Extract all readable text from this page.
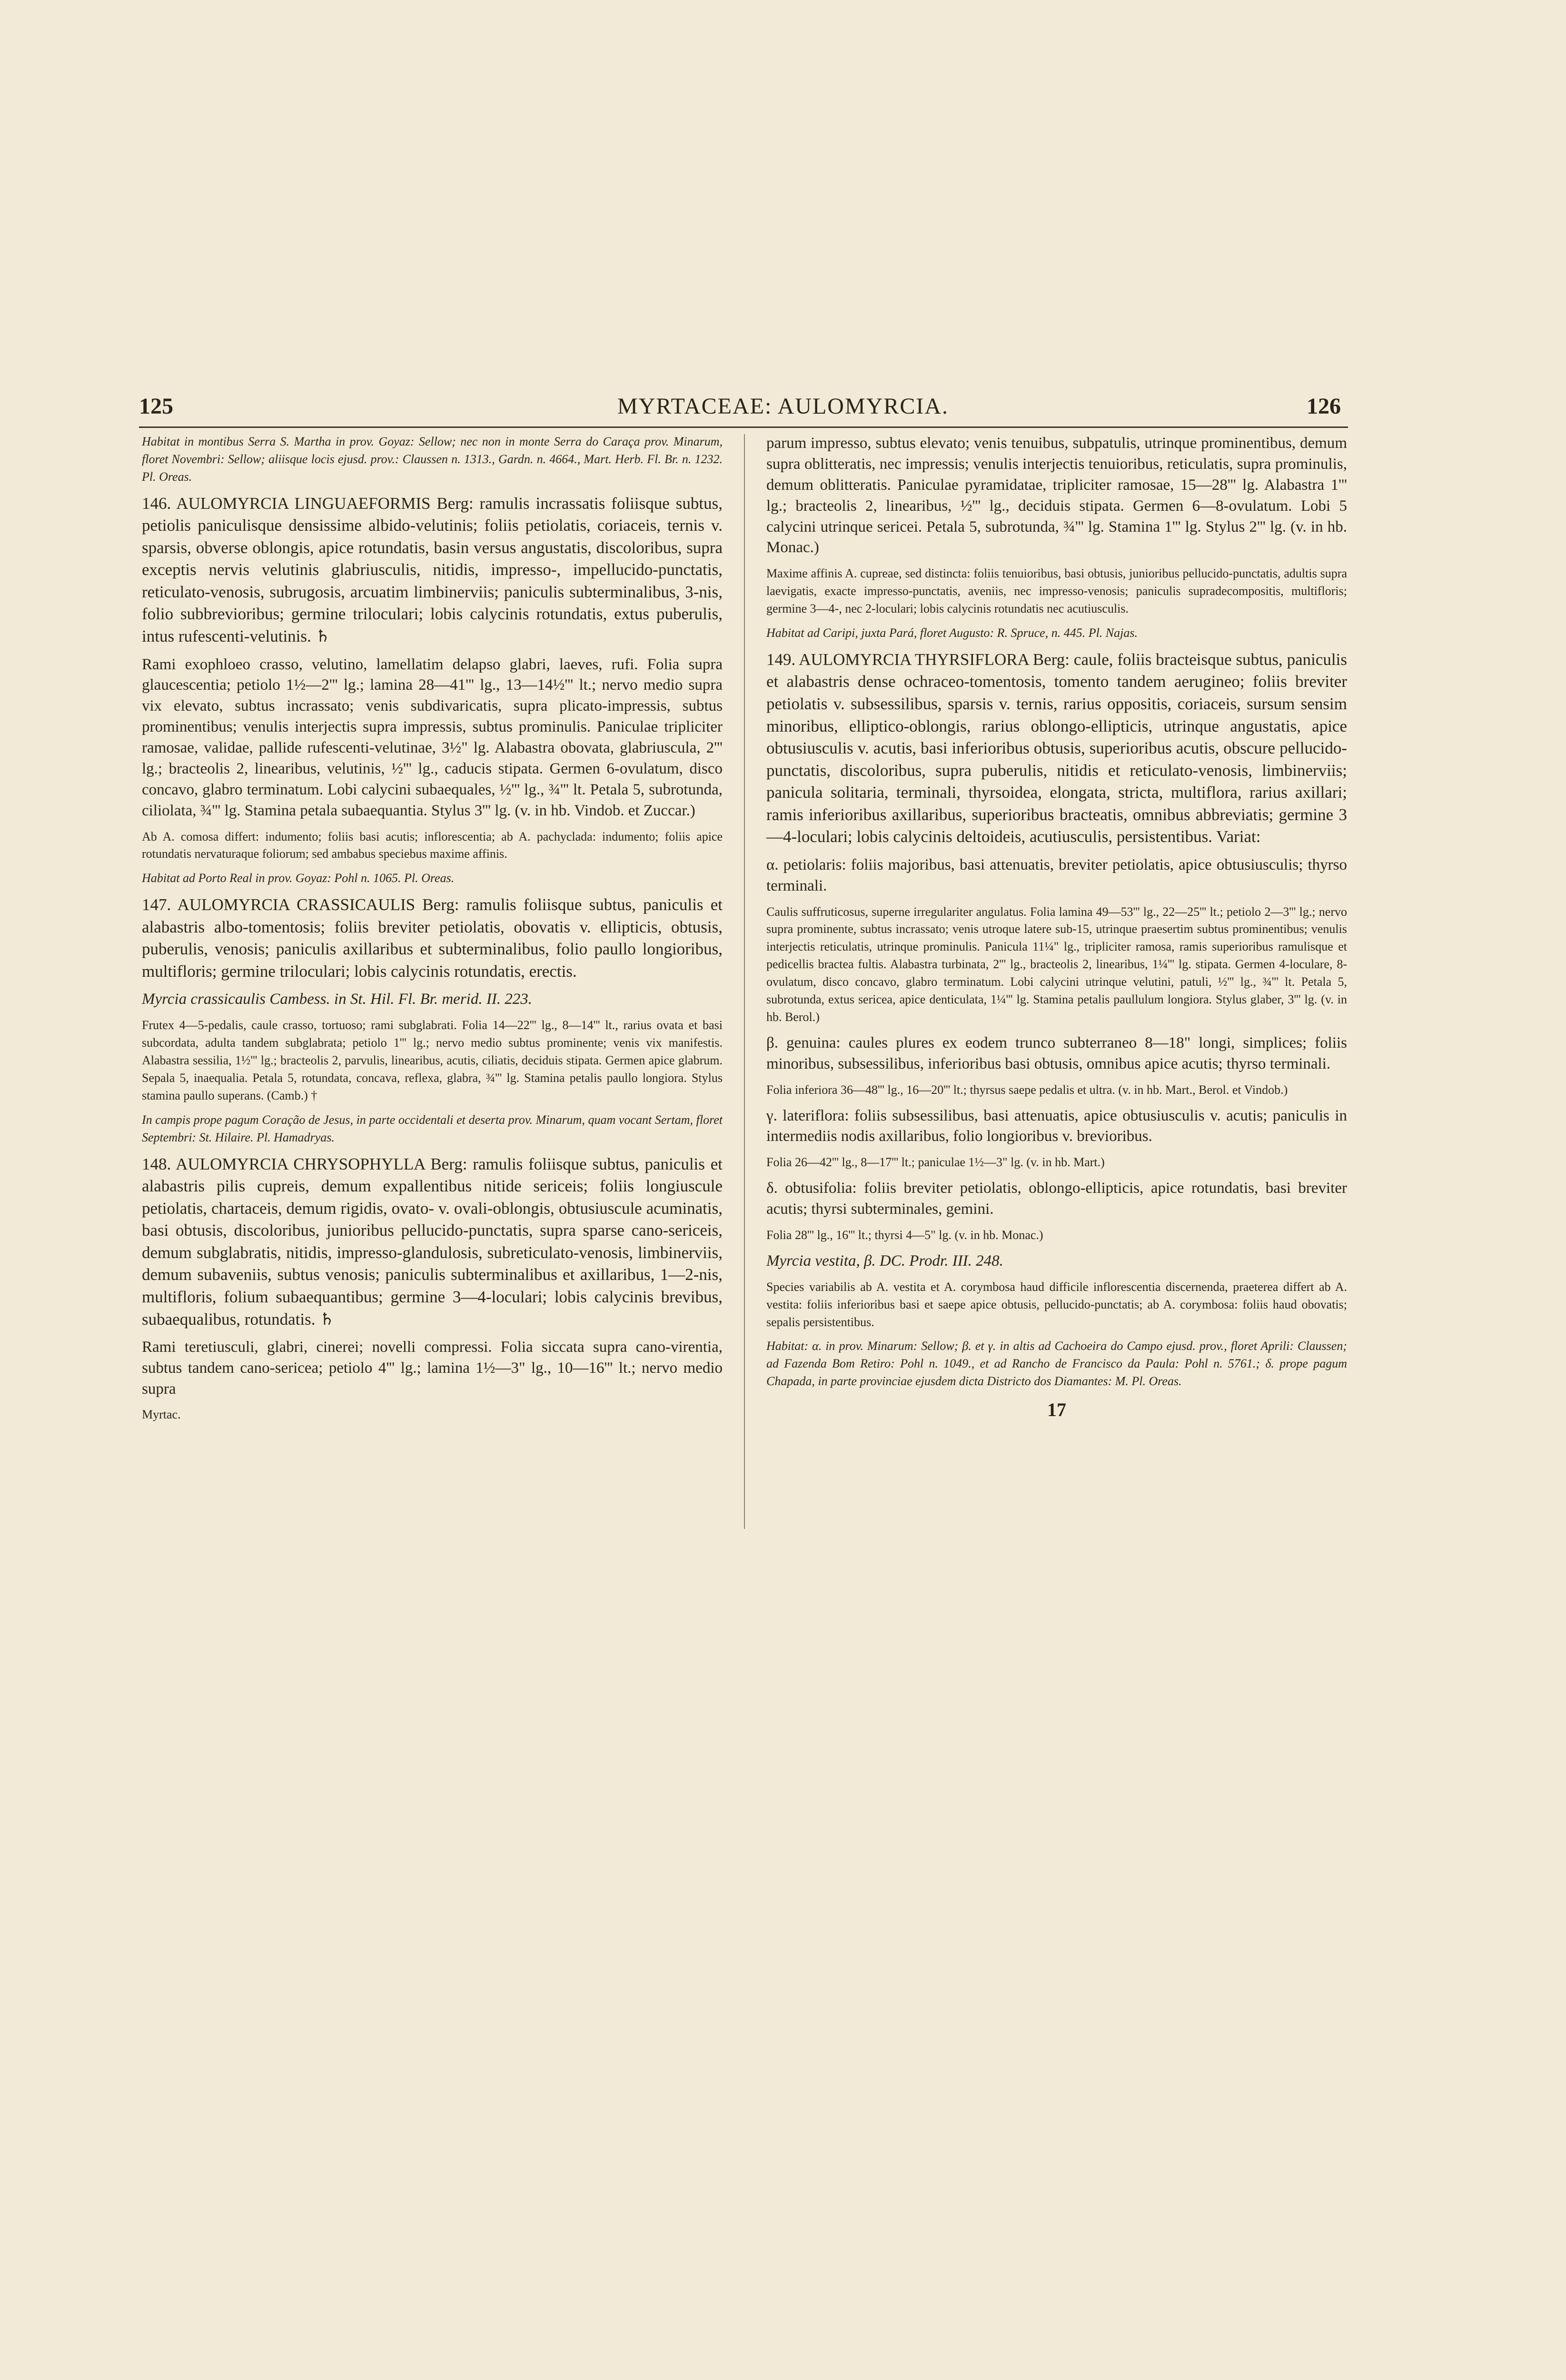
125	MYRTACEAE: AULOMYRCIA.	126

Habitat in montibus Serra S. Martha in prov. Goyaz: Sellow; nec non in monte Serra do Caraça prov. Minarum, floret Novembri: Sellow; aliisque locis ejusd. prov.: Claussen n. 1313., Gardn. n. 4664., Mart. Herb. Fl. Br. n. 1232. Pl. Oreas.

146. AULOMYRCIA LINGUAEFORMIS Berg: ramulis incrassatis foliisque subtus, petiolis paniculisque densissime albido-velutinis; foliis petiolatis, coriaceis, ternis v. sparsis, obverse oblongis, apice rotundatis, basin versus angustatis, discoloribus, supra exceptis nervis velutinis glabriusculis, nitidis, impresso-, impellucido-punctatis, reticulato-venosis, subrugosis, arcuatim limbinerviis; paniculis subterminalibus, 3-nis, folio subbrevioribus; germine triloculari; lobis calycinis rotundatis, extus puberulis, intus rufescenti-velutinis. ♄

Rami exophloeo crasso, velutino, lamellatim delapso glabri, laeves, rufi. Folia supra glaucescentia; petiolo 1½—2''' lg.; lamina 28—41''' lg., 13—14½''' lt.; nervo medio supra vix elevato, subtus incrassato; venis subdivaricatis, supra plicato-impressis, subtus prominentibus; venulis interjectis supra impressis, subtus prominulis. Paniculae tripliciter ramosae, validae, pallide rufescenti-velutinae, 3½" lg. Alabastra obovata, glabriuscula, 2''' lg.; bracteolis 2, linearibus, velutinis, ½''' lg., caducis stipata. Germen 6-ovulatum, disco concavo, glabro terminatum. Lobi calycini subaequales, ½''' lg., ¾''' lt. Petala 5, subrotunda, ciliolata, ¾''' lg. Stamina petala subaequantia. Stylus 3''' lg. (v. in hb. Vindob. et Zuccar.)

Ab A. comosa differt: indumento; foliis basi acutis; inflorescentia; ab A. pachyclada: indumento; foliis apice rotundatis nervaturaque foliorum; sed ambabus speciebus maxime affinis.

Habitat ad Porto Real in prov. Goyaz: Pohl n. 1065. Pl. Oreas.

147. AULOMYRCIA CRASSICAULIS Berg: ramulis foliisque subtus, paniculis et alabastris albo-tomentosis; foliis breviter petiolatis, obovatis v. ellipticis, obtusis, puberulis, venosis; paniculis axillaribus et subterminalibus, folio paullo longioribus, multifloris; germine triloculari; lobis calycinis rotundatis, erectis.

Myrcia crassicaulis Cambess. in St. Hil. Fl. Br. merid. II. 223.

Frutex 4—5-pedalis, caule crasso, tortuoso; rami subglabrati. Folia 14—22''' lg., 8—14''' lt., rarius ovata et basi subcordata, adulta tandem subglabrata; petiolo 1''' lg.; nervo medio subtus prominente; venis vix manifestis. Alabastra sessilia, 1½''' lg.; bracteolis 2, parvulis, linearibus, acutis, ciliatis, deciduis stipata. Germen apice glabrum. Sepala 5, inaequalia. Petala 5, rotundata, concava, reflexa, glabra, ¾''' lg. Stamina petalis paullo longiora. Stylus stamina paullo superans. (Camb.) †

In campis prope pagum Coração de Jesus, in parte occidentali et deserta prov. Minarum, quam vocant Sertam, floret Septembri: St. Hilaire. Pl. Hamadryas.

148. AULOMYRCIA CHRYSOPHYLLA Berg: ramulis foliisque subtus, paniculis et alabastris pilis cupreis, demum expallentibus nitide sericeis; foliis longiuscule petiolatis, chartaceis, demum rigidis, ovato- v. ovali-oblongis, obtusiuscule acuminatis, basi obtusis, discoloribus, junioribus pellucido-punctatis, supra sparse cano-sericeis, demum subglabratis, nitidis, impresso-glandulosis, subreticulato-venosis, limbinerviis, demum subaveniis, subtus venosis; paniculis subterminalibus et axillaribus, 1—2-nis, multifloris, folium subaequantibus; germine 3—4-loculari; lobis calycinis brevibus, subaequalibus, rotundatis. ♄

Rami teretiusculi, glabri, cinerei; novelli compressi. Folia siccata supra cano-virentia, subtus tandem cano-sericea; petiolo 4''' lg.; lamina 1½—3" lg., 10—16''' lt.; nervo medio supra

Myrtac.

parum impresso, subtus elevato; venis tenuibus, subpatulis, utrinque prominentibus, demum supra oblitteratis, nec impressis; venulis interjectis tenuioribus, reticulatis, supra prominulis, demum oblitteratis. Paniculae pyramidatae, tripliciter ramosae, 15—28''' lg. Alabastra 1''' lg.; bracteolis 2, linearibus, ½''' lg., deciduis stipata. Germen 6—8-ovulatum. Lobi 5 calycini utrinque sericei. Petala 5, subrotunda, ¾''' lg. Stamina 1''' lg. Stylus 2''' lg. (v. in hb. Monac.)

Maxime affinis A. cupreae, sed distincta: foliis tenuioribus, basi obtusis, junioribus pellucido-punctatis, adultis supra laevigatis, exacte impresso-punctatis, aveniis, nec impresso-venosis; paniculis supradecompositis, multifloris; germine 3—4-, nec 2-loculari; lobis calycinis rotundatis nec acutiusculis.

Habitat ad Caripi, juxta Pará, floret Augusto: R. Spruce, n. 445. Pl. Najas.

149. AULOMYRCIA THYRSIFLORA Berg: caule, foliis bracteisque subtus, paniculis et alabastris dense ochraceo-tomentosis, tomento tandem aerugineo; foliis breviter petiolatis v. subsessilibus, sparsis v. ternis, rarius oppositis, coriaceis, sursum sensim minoribus, elliptico-oblongis, rarius oblongo-ellipticis, utrinque angustatis, apice obtusiusculis v. acutis, basi inferioribus obtusis, superioribus acutis, obscure pellucido-punctatis, discoloribus, supra puberulis, nitidis et reticulato-venosis, limbinerviis; panicula solitaria, terminali, thyrsoidea, elongata, stricta, multiflora, rarius axillari; ramis inferioribus axillaribus, superioribus bracteatis, omnibus abbreviatis; germine 3—4-loculari; lobis calycinis deltoideis, acutiusculis, persistentibus. Variat:

α. petiolaris: foliis majoribus, basi attenuatis, breviter petiolatis, apice obtusiusculis; thyrso terminali.

Caulis suffruticosus, superne irregulariter angulatus. Folia lamina 49—53''' lg., 22—25''' lt.; petiolo 2—3''' lg.; nervo supra prominente, subtus incrassato; venis utroque latere sub-15, utrinque praesertim subtus prominentibus; venulis interjectis reticulatis, utrinque prominulis. Panicula 11¼" lg., tripliciter ramosa, ramis superioribus ramulisque et pedicellis bractea fultis. Alabastra turbinata, 2''' lg., bracteolis 2, linearibus, 1¼''' lg. stipata. Germen 4-loculare, 8-ovulatum, disco concavo, glabro terminatum. Lobi calycini utrinque velutini, patuli, ½''' lg., ¾''' lt. Petala 5, subrotunda, extus sericea, apice denticulata, 1¼''' lg. Stamina petalis paullulum longiora. Stylus glaber, 3''' lg. (v. in hb. Berol.)

β. genuina: caules plures ex eodem trunco subterraneo 8—18" longi, simplices; foliis minoribus, subsessilibus, inferioribus basi obtusis, omnibus apice acutis; thyrso terminali.

Folia inferiora 36—48''' lg., 16—20''' lt.; thyrsus saepe pedalis et ultra. (v. in hb. Mart., Berol. et Vindob.)

γ. lateriflora: foliis subsessilibus, basi attenuatis, apice obtusiusculis v. acutis; paniculis in intermediis nodis axillaribus, folio longioribus v. brevioribus.

Folia 26—42''' lg., 8—17''' lt.; paniculae 1½—3" lg. (v. in hb. Mart.)

δ. obtusifolia: foliis breviter petiolatis, oblongo-ellipticis, apice rotundatis, basi breviter acutis; thyrsi subterminales, gemini.

Folia 28''' lg., 16''' lt.; thyrsi 4—5" lg. (v. in hb. Monac.)

Myrcia vestita, β. DC. Prodr. III. 248.

Species variabilis ab A. vestita et A. corymbosa haud difficile inflorescentia discernenda, praeterea differt ab A. vestita: foliis inferioribus basi et saepe apice obtusis, pellucido-punctatis; ab A. corymbosa: foliis haud obovatis; sepalis persistentibus.

Habitat: α. in prov. Minarum: Sellow; β. et γ. in altis ad Cachoeira do Campo ejusd. prov., floret Aprili: Claussen; ad Fazenda Bom Retiro: Pohl n. 1049., et ad Rancho de Francisco da Paula: Pohl n. 5761.; δ. prope pagum Chapada, in parte provinciae ejusdem dicta Districto dos Diamantes: M. Pl. Oreas.

17
